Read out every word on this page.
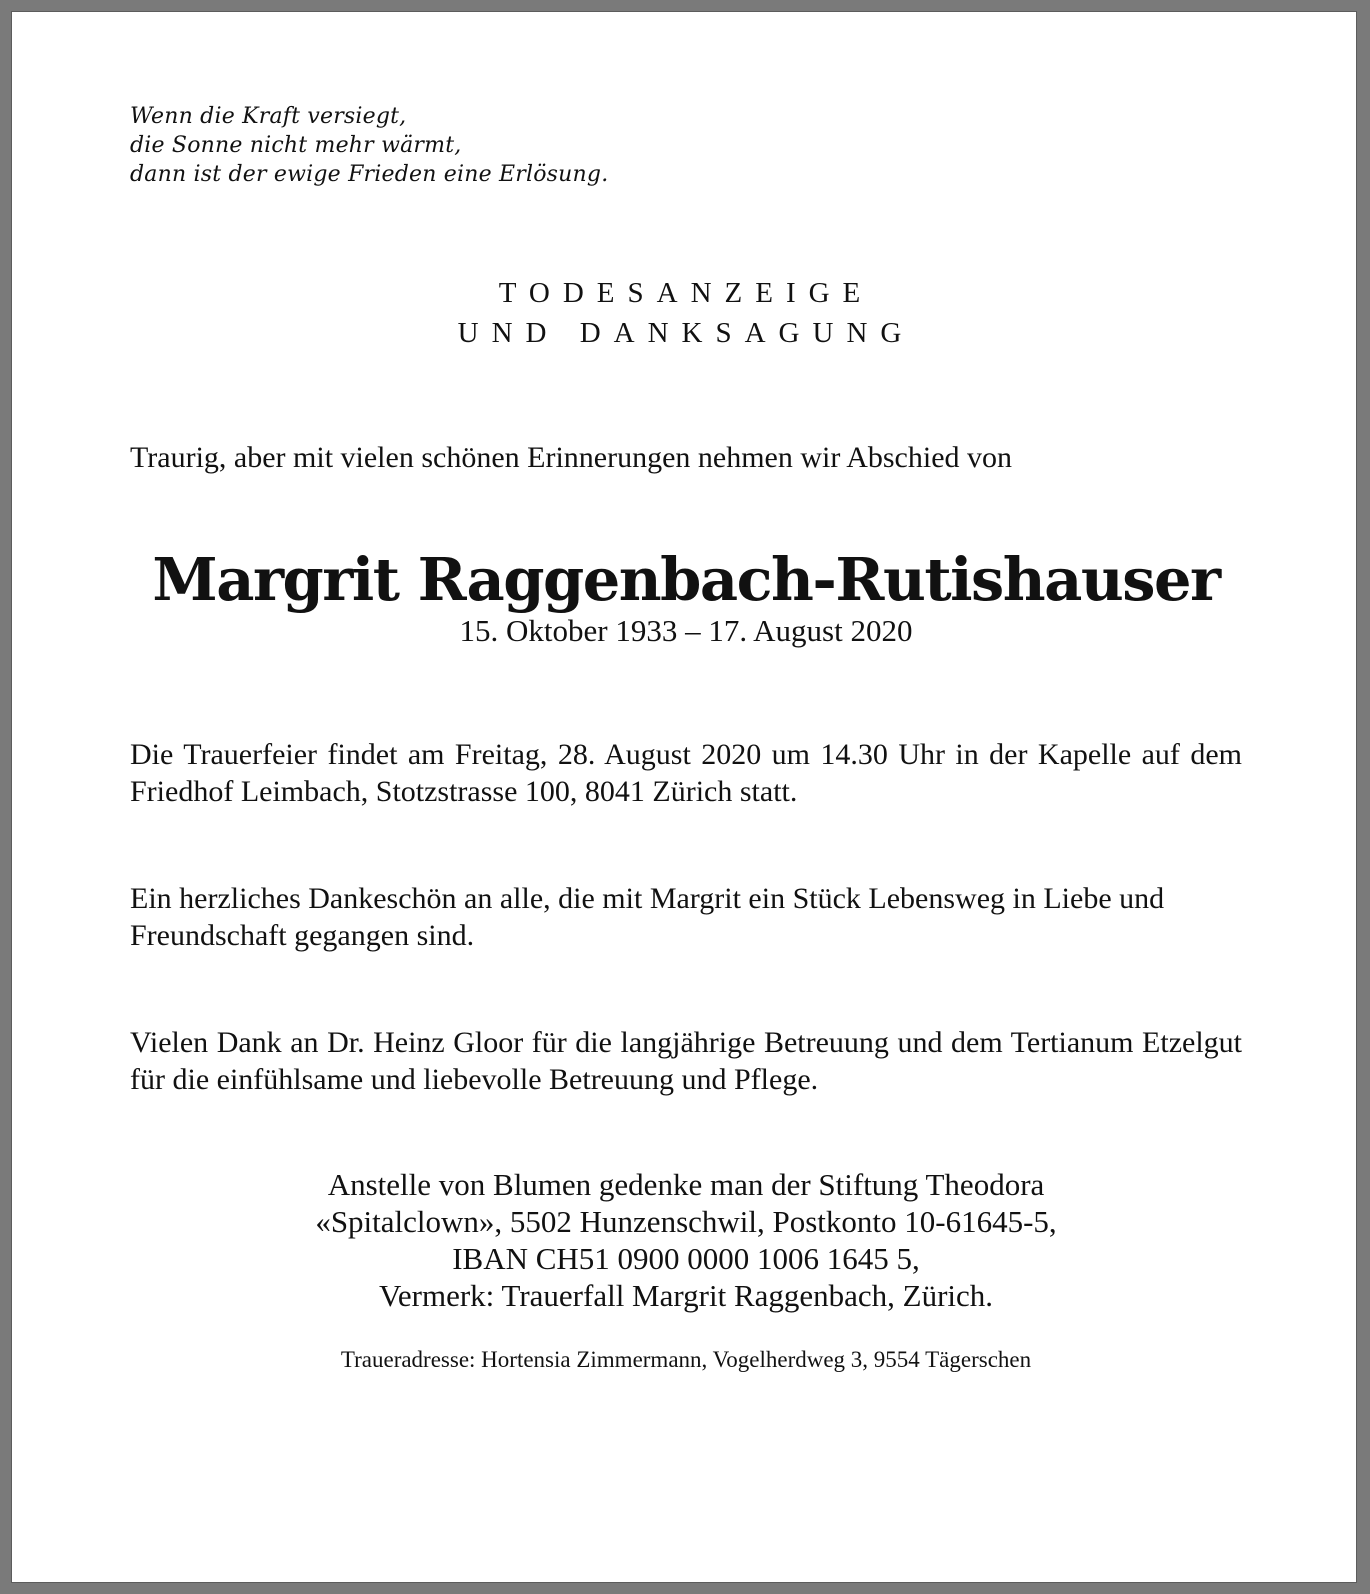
Wenn die Kraft versiegt,
die Sonne nicht mehr wärmt,
dann ist der ewige Frieden eine Erlösung.
TODESANZEIGE
UND DANKSAGUNG

Traurig, aber mit vielen schönen Erinnerungen nehmen wir Abschied von

Margrit Raggenbach-Rutishauser
15. Oktober 1933 – 17. August 2020

Die Trauerfeier findet am Freitag, 28. August 2020 um 14.30 Uhr in der Kapelle auf dem Friedhof Leimbach, Stotzstrasse 100, 8041 Zürich statt.

Ein herzliches Dankeschön an alle, die mit Margrit ein Stück Lebensweg in Liebe und Freundschaft gegangen sind.

Vielen Dank an Dr. Heinz Gloor für die langjährige Betreuung und dem Tertianum Etzelgut für die einfühlsame und liebevolle Betreuung und Pflege.

Anstelle von Blumen gedenke man der Stiftung Theodora
«Spitalclown», 5502 Hunzenschwil, Postkonto 10-61645-5,
IBAN CH51 0900 0000 1006 1645 5,
Vermerk: Trauerfall Margrit Raggenbach, Zürich.
Traueradresse: Hortensia Zimmermann, Vogelherdweg 3, 9554 Tägerschen
